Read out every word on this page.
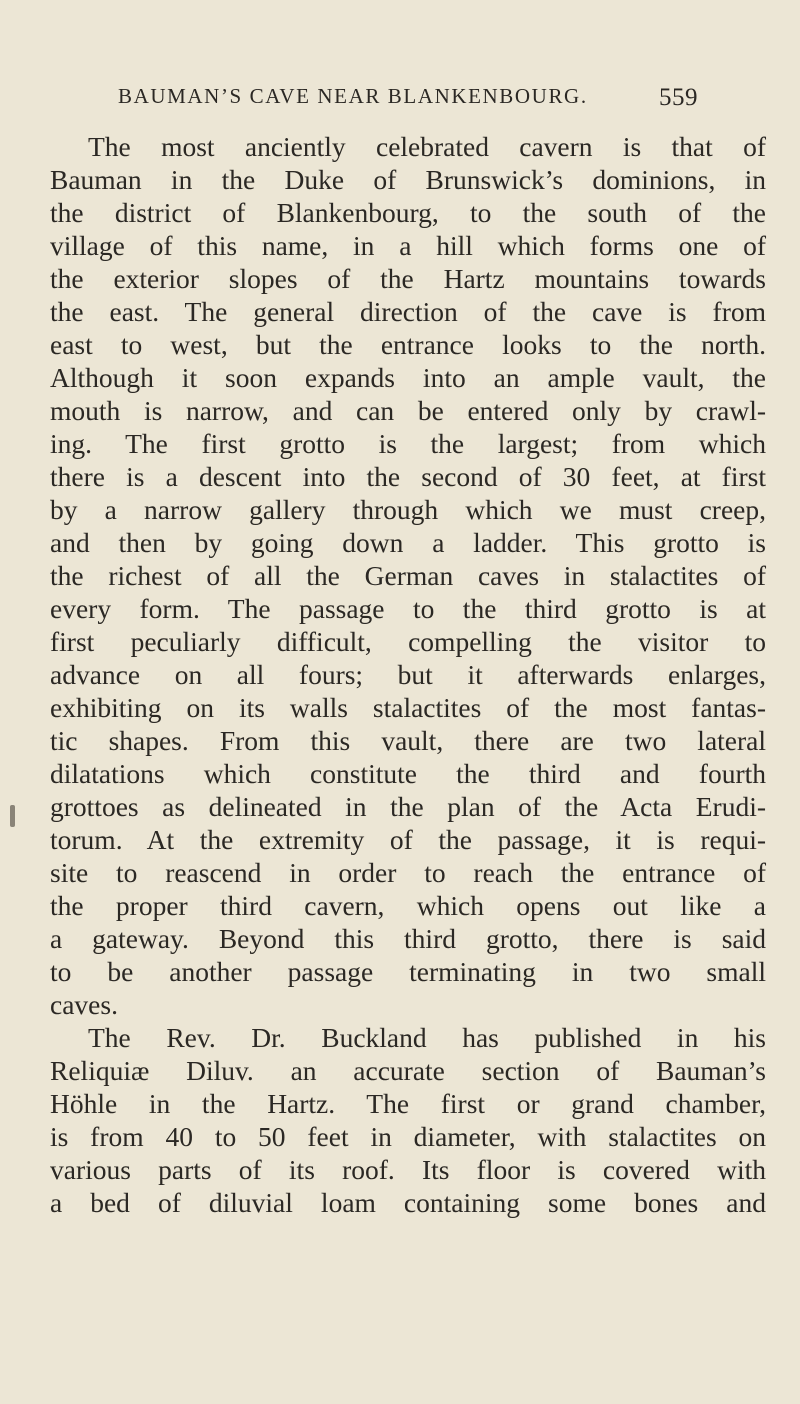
BAUMAN’S CAVE NEAR BLANKENBOURG.	559
The most anciently celebrated cavern is that of
Bauman in the Duke of Brunswick’s dominions, in
the district of Blankenbourg, to the south of the
village of this name, in a hill which forms one of
the exterior slopes of the Hartz mountains towards
the east. The general direction of the cave is from
east to west, but the entrance looks to the north.
Although it soon expands into an ample vault, the
mouth is narrow, and can be entered only by crawl-
ing. The first grotto is the largest; from which
there is a descent into the second of 30 feet, at first
by a narrow gallery through which we must creep,
and then by going down a ladder. This grotto is
the richest of all the German caves in stalactites of
every form. The passage to the third grotto is at
first peculiarly difficult, compelling the visitor to
advance on all fours; but it afterwards enlarges,
exhibiting on its walls stalactites of the most fantas-
tic shapes. From this vault, there are two lateral
dilatations which constitute the third and fourth
grottoes as delineated in the plan of the Acta Erudi-
torum. At the extremity of the passage, it is requi-
site to reascend in order to reach the entrance of
the proper third cavern, which opens out like a
a gateway. Beyond this third grotto, there is said
to be another passage terminating in two small
caves.
The Rev. Dr. Buckland has published in his
Reliquiæ Diluv. an accurate section of Bauman’s
Höhle in the Hartz. The first or grand chamber,
is from 40 to 50 feet in diameter, with stalactites on
various parts of its roof. Its floor is covered with
a bed of diluvial loam containing some bones and
